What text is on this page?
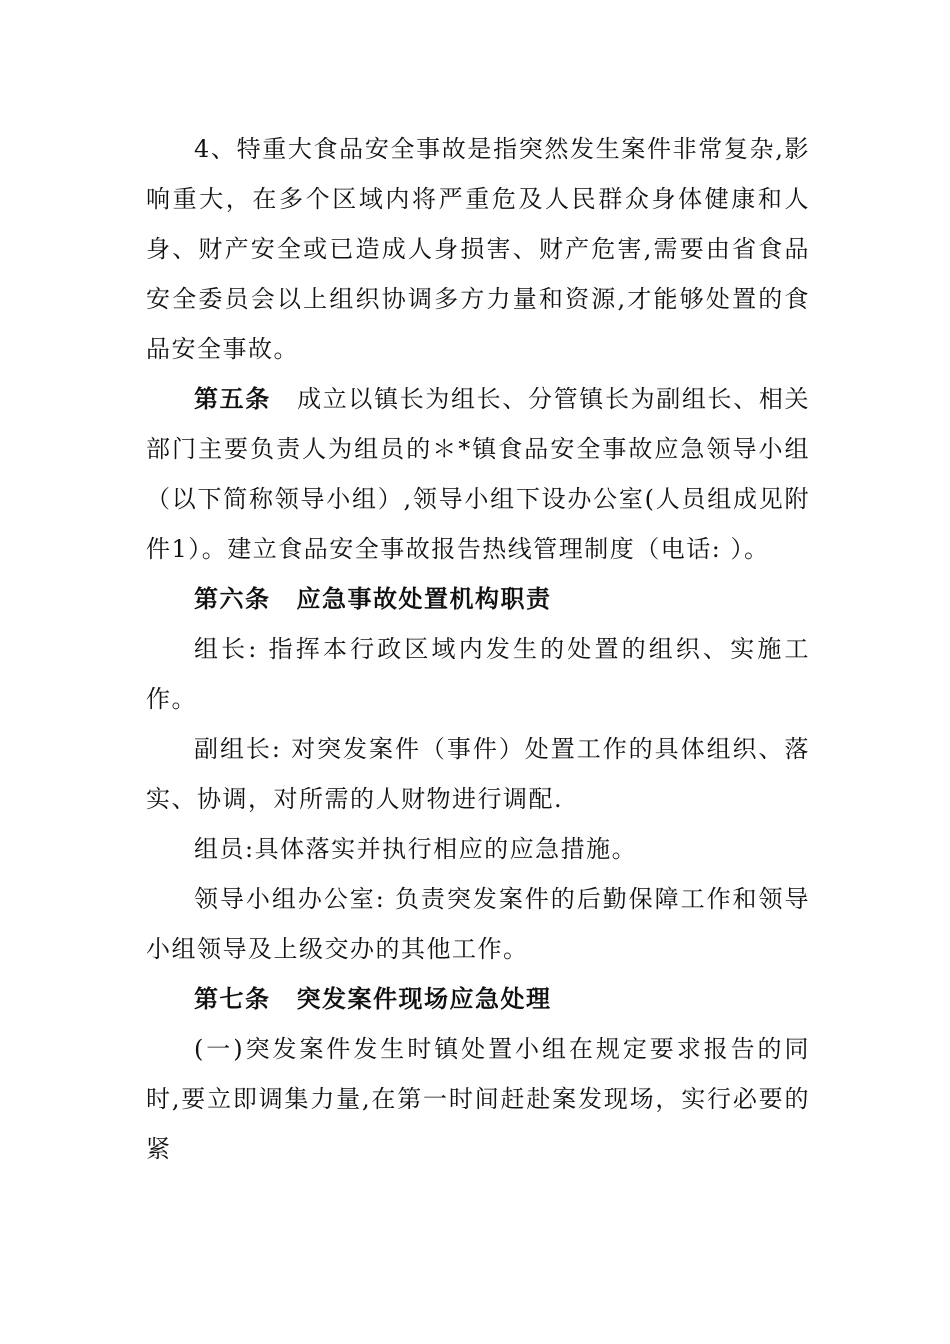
4、特重大食品安全事故是指突然发生案件非常复杂,影响重大，在多个区域内将严重危及人民群众身体健康和人身、财产安全或已造成人身损害、财产危害,需要由省食品安全委员会以上组织协调多方力量和资源,才能够处置的食品安全事故。

第五条 成立以镇长为组长、分管镇长为副组长、相关部门主要负责人为组员的＊*镇食品安全事故应急领导小组（以下简称领导小组）,领导小组下设办公室(人员组成见附件1）。建立食品安全事故报告热线管理制度（电话: ）。

第六条 应急事故处置机构职责

组长: 指挥本行政区域内发生的处置的组织、实施工作。

副组长: 对突发案件（事件）处置工作的具体组织、落实、协调，对所需的人财物进行调配.

组员:具体落实并执行相应的应急措施。

领导小组办公室: 负责突发案件的后勤保障工作和领导小组领导及上级交办的其他工作。

第七条 突发案件现场应急处理

(一)突发案件发生时镇处置小组在规定要求报告的同时,要立即调集力量,在第一时间赶赴案发现场，实行必要的紧
